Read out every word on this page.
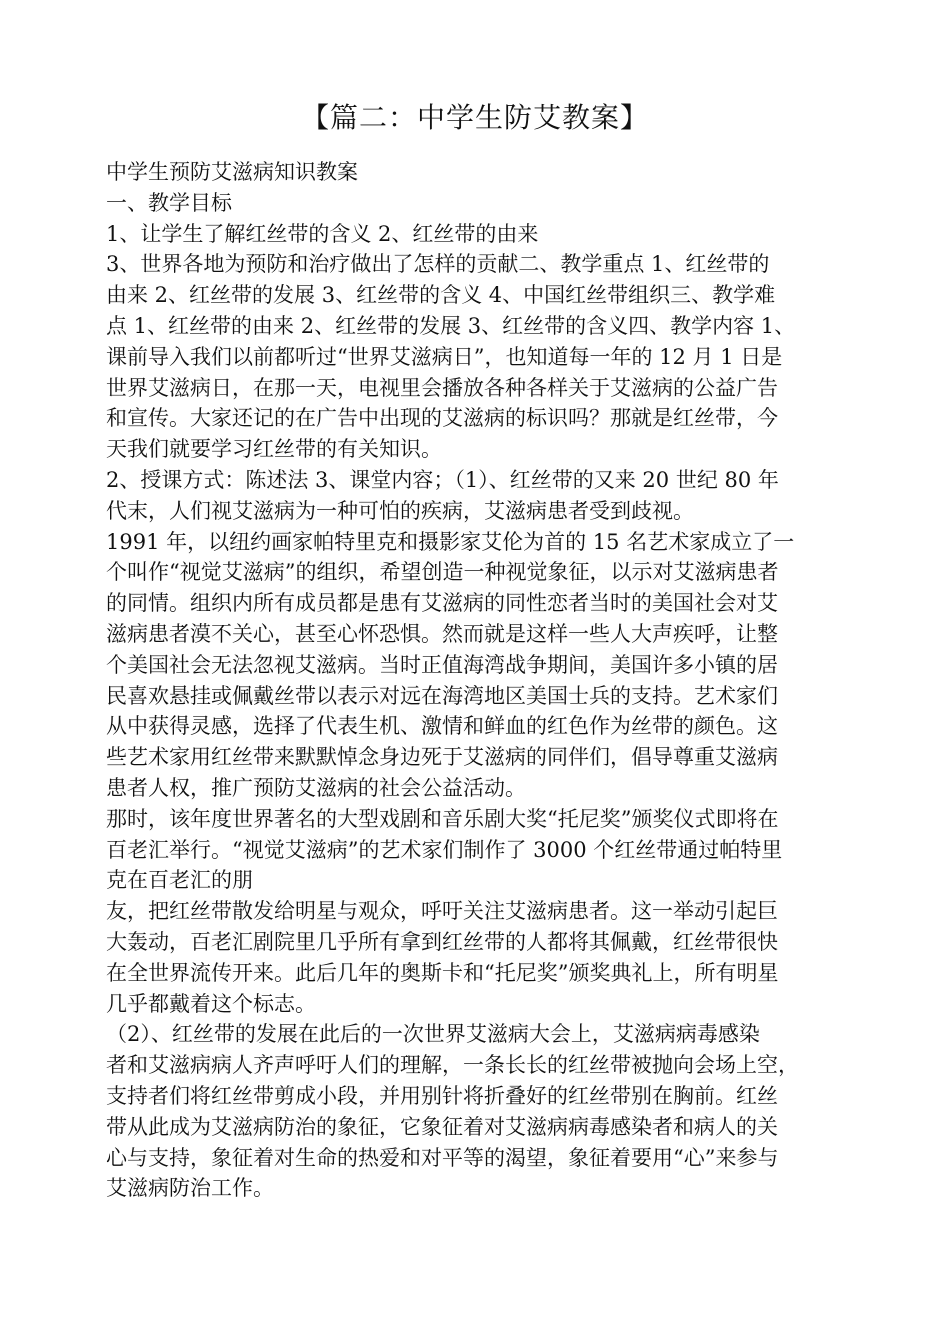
【篇二：中学生防艾教案】
中学生预防艾滋病知识教案
一、教学目标
1、让学生了解红丝带的含义 2、红丝带的由来
3、世界各地为预防和治疗做出了怎样的贡献二、教学重点 1、红丝带的
由来 2、红丝带的发展 3、红丝带的含义 4、中国红丝带组织三、教学难
点 1、红丝带的由来 2、红丝带的发展 3、红丝带的含义四、教学内容 1、
课前导入我们以前都听过“世界艾滋病日”，也知道每一年的 12 月 1 日是
世界艾滋病日，在那一天，电视里会播放各种各样关于艾滋病的公益广告
和宣传。大家还记的在广告中出现的艾滋病的标识吗？那就是红丝带，今
天我们就要学习红丝带的有关知识。
2、授课方式：陈述法 3、课堂内容；（1）、红丝带的又来 20 世纪 80 年
代末，人们视艾滋病为一种可怕的疾病，艾滋病患者受到歧视。
1991 年，以纽约画家帕特里克和摄影家艾伦为首的 15 名艺术家成立了一
个叫作“视觉艾滋病”的组织，希望创造一种视觉象征，以示对艾滋病患者
的同情。组织内所有成员都是患有艾滋病的同性恋者当时的美国社会对艾
滋病患者漠不关心，甚至心怀恐惧。然而就是这样一些人大声疾呼，让整
个美国社会无法忽视艾滋病。当时正值海湾战争期间，美国许多小镇的居
民喜欢悬挂或佩戴丝带以表示对远在海湾地区美国士兵的支持。艺术家们
从中获得灵感，选择了代表生机、激情和鲜血的红色作为丝带的颜色。这
些艺术家用红丝带来默默悼念身边死于艾滋病的同伴们，倡导尊重艾滋病
患者人权，推广预防艾滋病的社会公益活动。
那时，该年度世界著名的大型戏剧和音乐剧大奖“托尼奖”颁奖仪式即将在
百老汇举行。“视觉艾滋病”的艺术家们制作了 3000 个红丝带通过帕特里
克在百老汇的朋
友，把红丝带散发给明星与观众，呼吁关注艾滋病患者。这一举动引起巨
大轰动，百老汇剧院里几乎所有拿到红丝带的人都将其佩戴，红丝带很快
在全世界流传开来。此后几年的奥斯卡和“托尼奖”颁奖典礼上，所有明星
几乎都戴着这个标志。
（2）、红丝带的发展在此后的一次世界艾滋病大会上，艾滋病病毒感染
者和艾滋病病人齐声呼吁人们的理解，一条长长的红丝带被抛向会场上空，
支持者们将红丝带剪成小段，并用别针将折叠好的红丝带别在胸前。红丝
带从此成为艾滋病防治的象征，它象征着对艾滋病病毒感染者和病人的关
心与支持，象征着对生命的热爱和对平等的渴望，象征着要用“心”来参与
艾滋病防治工作。
